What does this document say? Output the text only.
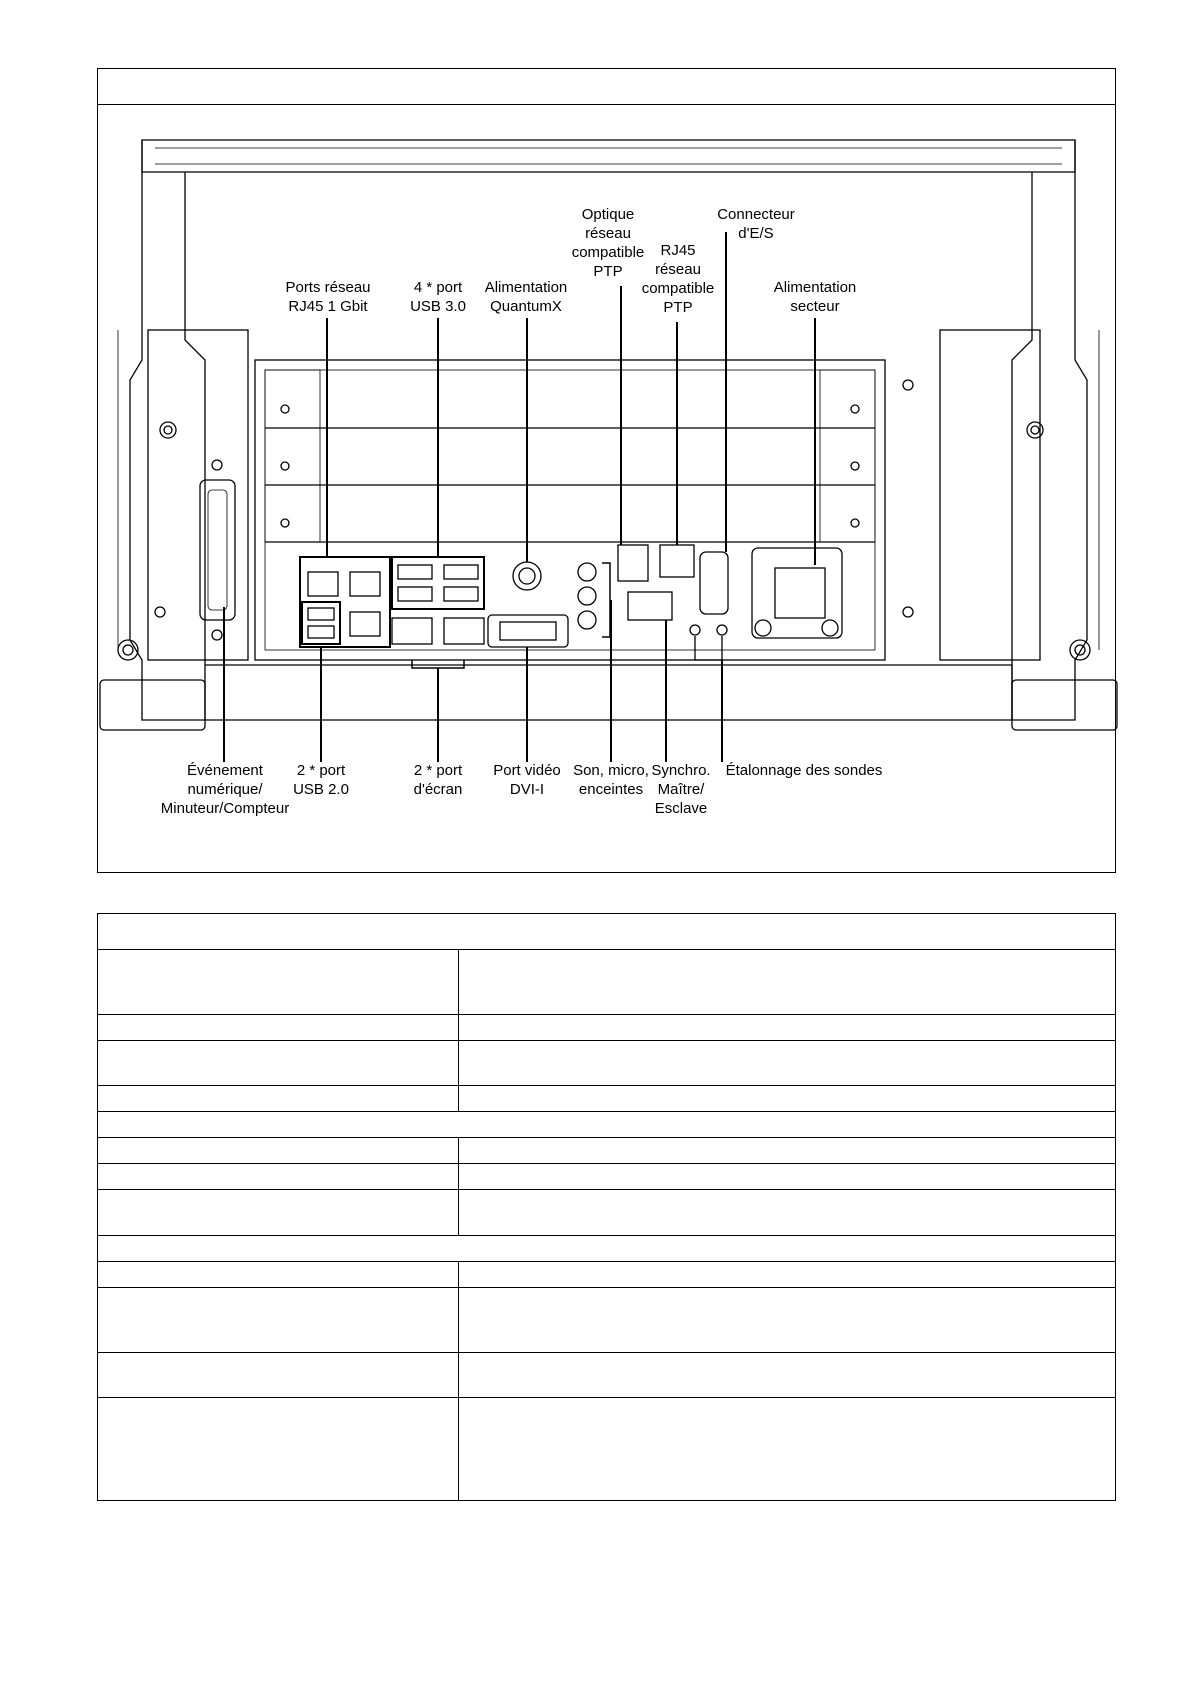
Optique
réseau
compatible
PTP
Connecteur
d'E/S
RJ45
réseau
compatible
PTP
Ports réseau
RJ45 1 Gbit
4 * port
USB 3.0
Alimentation
QuantumX
Alimentation
secteur
Événement
numérique/
Minuteur/Compteur
2 * port
USB 2.0
2 * port
d'écran
Port vidéo
DVI-I
Son, micro,
enceintes
Synchro.
Maître/
Esclave
Étalonnage des sondes
